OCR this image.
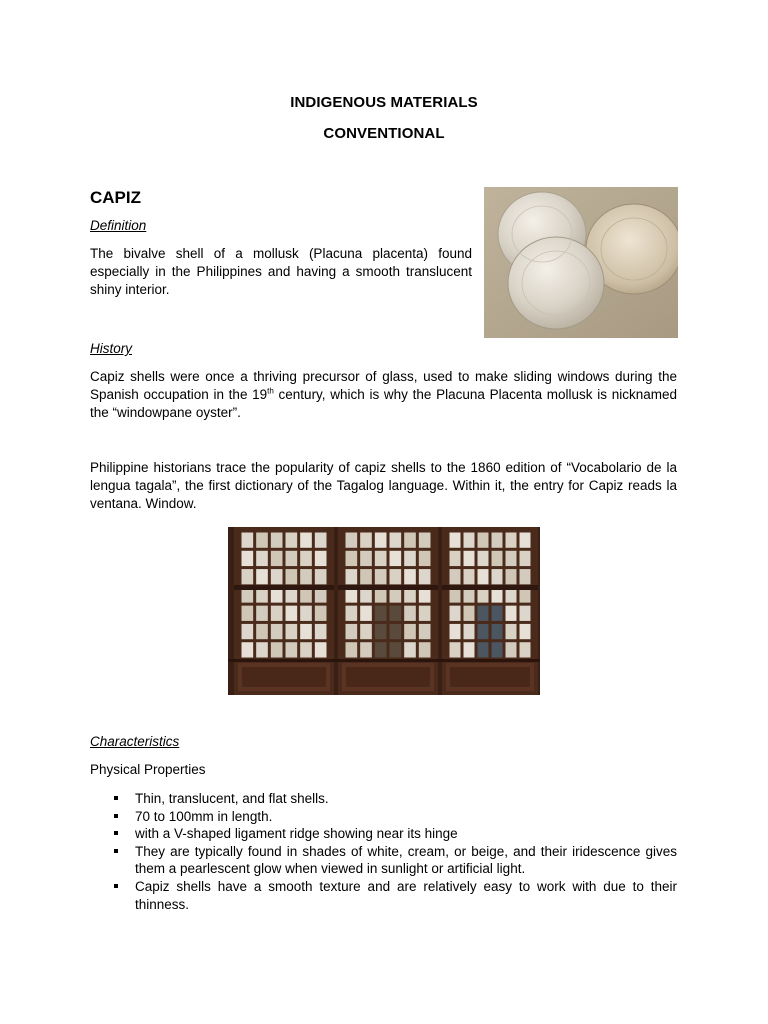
INDIGENOUS MATERIALS
CONVENTIONAL
CAPIZ
Definition
The bivalve shell of a mollusk (Placuna placenta) found especially in the Philippines and having a smooth translucent shiny interior.
History
Capiz shells were once a thriving precursor of glass, used to make sliding windows during the Spanish occupation in the 19th century, which is why the Placuna Placenta mollusk is nicknamed the “windowpane oyster”.
Philippine historians trace the popularity of capiz shells to the 1860 edition of “Vocabolario de la lengua tagala”, the first dictionary of the Tagalog language. Within it, the entry for Capiz reads la ventana. Window.
Characteristics
Physical Properties
Thin, translucent, and flat shells.
70 to 100mm in length.
with a V-shaped ligament ridge showing near its hinge
They are typically found in shades of white, cream, or beige, and their iridescence gives them a pearlescent glow when viewed in sunlight or artificial light.
Capiz shells have a smooth texture and are relatively easy to work with due to their thinness.
